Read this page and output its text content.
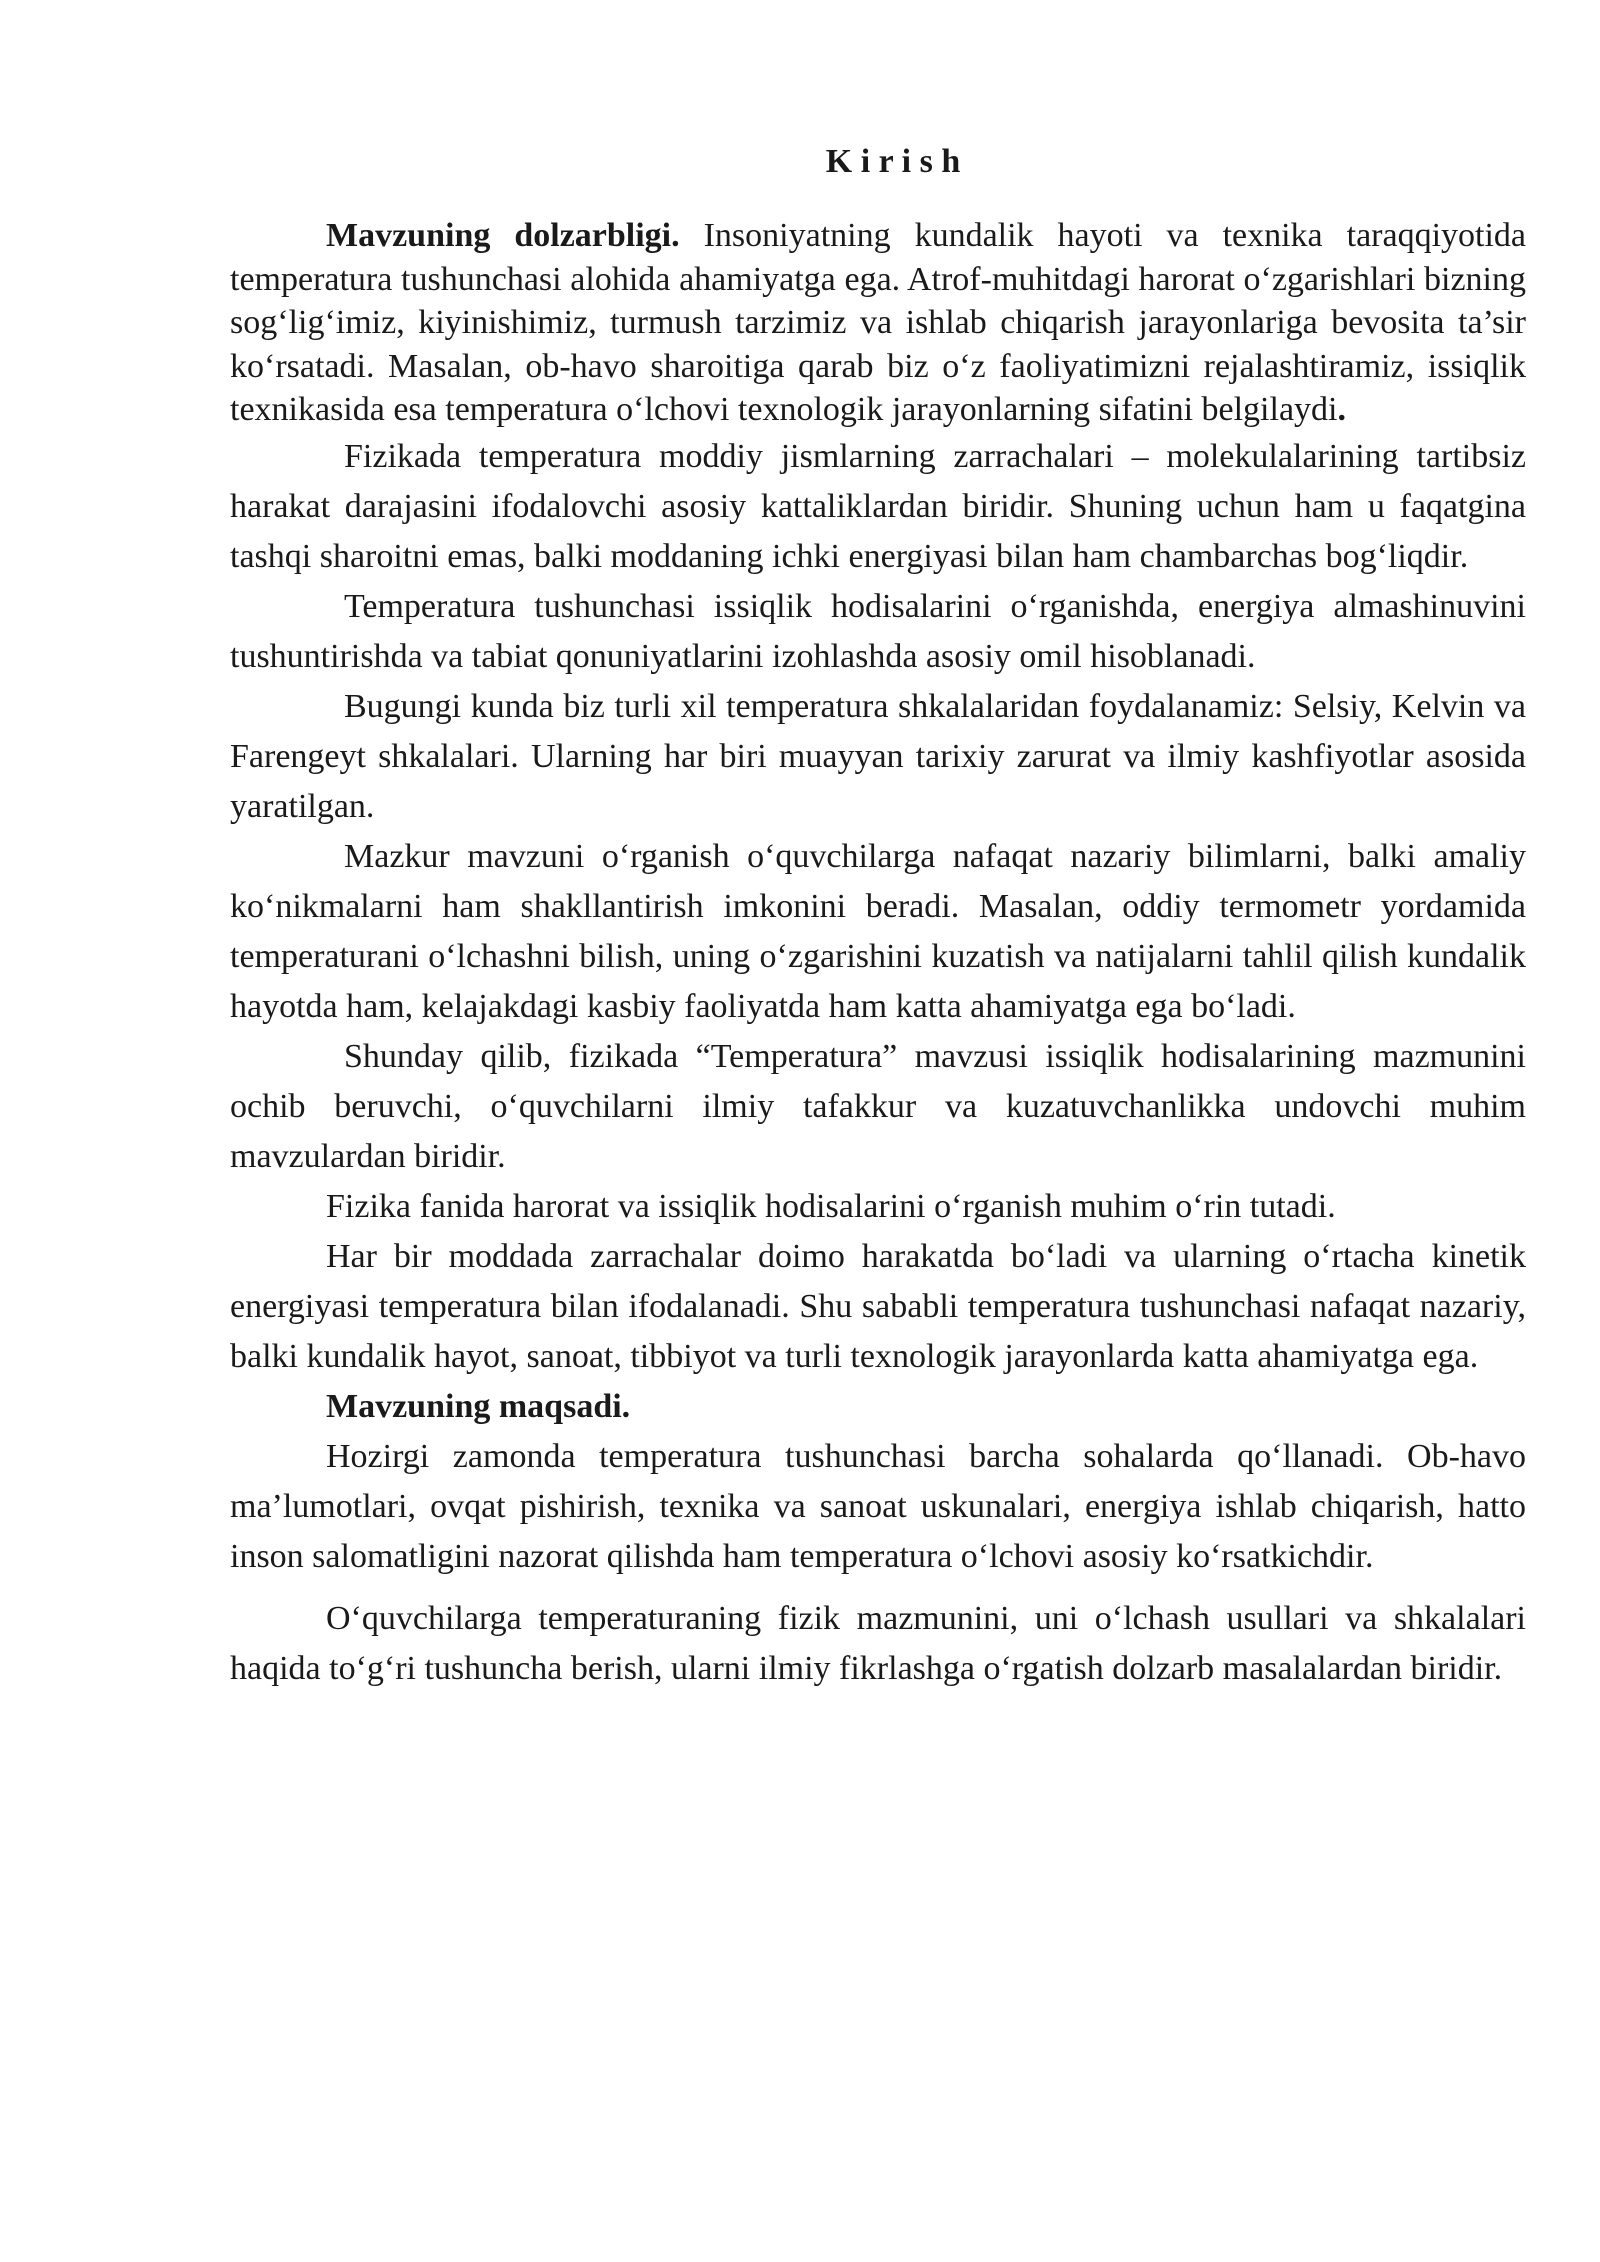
K i r i s h

Mavzuning dolzarbligi. Insoniyatning kundalik hayoti va texnika taraqqiyotida temperatura tushunchasi alohida ahamiyatga ega. Atrof-muhitdagi harorat o‘zgarishlari bizning sog‘lig‘imiz, kiyinishimiz, turmush tarzimiz va ishlab chiqarish jarayonlariga bevosita ta’sir ko‘rsatadi. Masalan, ob-havo sharoitiga qarab biz o‘z faoliyatimizni rejalashtiramiz, issiqlik texnikasida esa temperatura o‘lchovi texnologik jarayonlarning sifatini belgilaydi.

Fizikada temperatura moddiy jismlarning zarrachalari – molekulalarining tartibsiz harakat darajasini ifodalovchi asosiy kattaliklardan biridir. Shuning uchun ham u faqatgina tashqi sharoitni emas, balki moddaning ichki energiyasi bilan ham chambarchas bog‘liqdir.

Temperatura tushunchasi issiqlik hodisalarini o‘rganishda, energiya almashinuvini tushuntirishda va tabiat qonuniyatlarini izohlashda asosiy omil hisoblanadi.

Bugungi kunda biz turli xil temperatura shkalalaridan foydalanamiz: Selsiy, Kelvin va Farengeyt shkalalari. Ularning har biri muayyan tarixiy zarurat va ilmiy kashfiyotlar asosida yaratilgan.

Mazkur mavzuni o‘rganish o‘quvchilarga nafaqat nazariy bilimlarni, balki amaliy ko‘nikmalarni ham shakllantirish imkonini beradi. Masalan, oddiy termometr yordamida temperaturani o‘lchashni bilish, uning o‘zgarishini kuzatish va natijalarni tahlil qilish kundalik hayotda ham, kelajakdagi kasbiy faoliyatda ham katta ahamiyatga ega bo‘ladi.

Shunday qilib, fizikada “Temperatura” mavzusi issiqlik hodisalarining mazmunini ochib beruvchi, o‘quvchilarni ilmiy tafakkur va kuzatuvchanlikka undovchi muhim mavzulardan biridir.

Fizika fanida harorat va issiqlik hodisalarini o‘rganish muhim o‘rin tutadi.

Har bir moddada zarrachalar doimo harakatda bo‘ladi va ularning o‘rtacha kinetik energiyasi temperatura bilan ifodalanadi. Shu sababli temperatura tushunchasi nafaqat nazariy, balki kundalik hayot, sanoat, tibbiyot va turli texnologik jarayonlarda katta ahamiyatga ega.

Mavzuning maqsadi.

Hozirgi zamonda temperatura tushunchasi barcha sohalarda qo‘llanadi. Ob-havo ma’lumotlari, ovqat pishirish, texnika va sanoat uskunalari, energiya ishlab chiqarish, hatto inson salomatligini nazorat qilishda ham temperatura o‘lchovi asosiy ko‘rsatkichdir.

O‘quvchilarga temperaturaning fizik mazmunini, uni o‘lchash usullari va shkalalari haqida to‘g‘ri tushuncha berish, ularni ilmiy fikrlashga o‘rgatish dolzarb masalalardan biridir.
